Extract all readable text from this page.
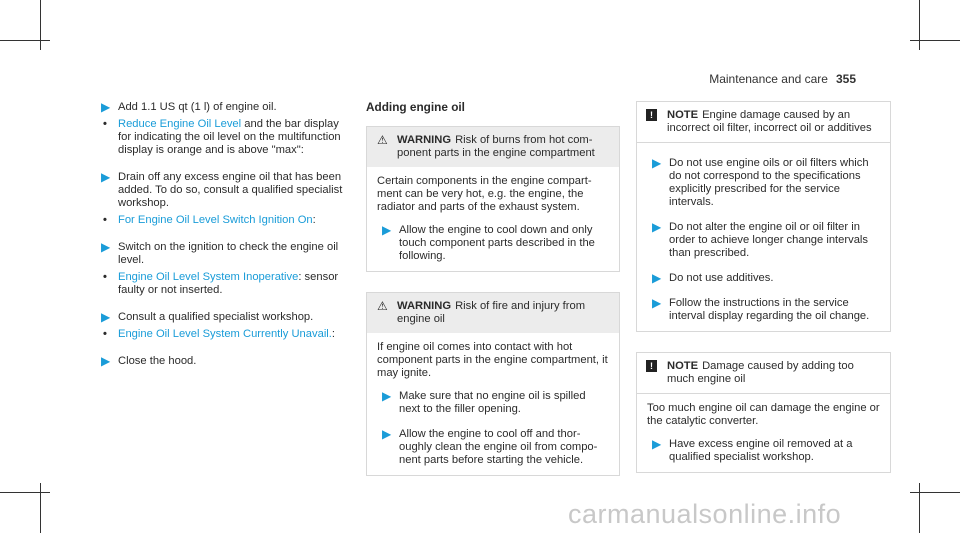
Maintenance and care 355
▶ Add 1.1 US qt (1 l) of engine oil.
• Reduce Engine Oil Level and the bar display for indicating the oil level on the multifunction display is orange and is above "max":
▶ Drain off any excess engine oil that has been added. To do so, consult a qualified specialist workshop.
• For Engine Oil Level Switch Ignition On:
▶ Switch on the ignition to check the engine oil level.
• Engine Oil Level System Inoperative: sensor faulty or not inserted.
▶ Consult a qualified specialist workshop.
• Engine Oil Level System Currently Unavail.:
▶ Close the hood.
Adding engine oil
⚠ WARNING Risk of burns from hot component parts in the engine compartment
Certain components in the engine compartment can be very hot, e.g. the engine, the radiator and parts of the exhaust system.
▶ Allow the engine to cool down and only touch component parts described in the following.
⚠ WARNING Risk of fire and injury from engine oil
If engine oil comes into contact with hot component parts in the engine compartment, it may ignite.
▶ Make sure that no engine oil is spilled next to the filler opening.
▶ Allow the engine to cool off and thoroughly clean the engine oil from component parts before starting the vehicle.
!	NOTE Engine damage caused by an incorrect oil filter, incorrect oil or additives
▶ Do not use engine oils or oil filters which do not correspond to the specifications explicitly prescribed for the service intervals.
▶ Do not alter the engine oil or oil filter in order to achieve longer change intervals than prescribed.
▶ Do not use additives.
▶ Follow the instructions in the service interval display regarding the oil change.
!	NOTE Damage caused by adding too much engine oil
Too much engine oil can damage the engine or the catalytic converter.
▶ Have excess engine oil removed at a qualified specialist workshop.
carmanualsonline.info
